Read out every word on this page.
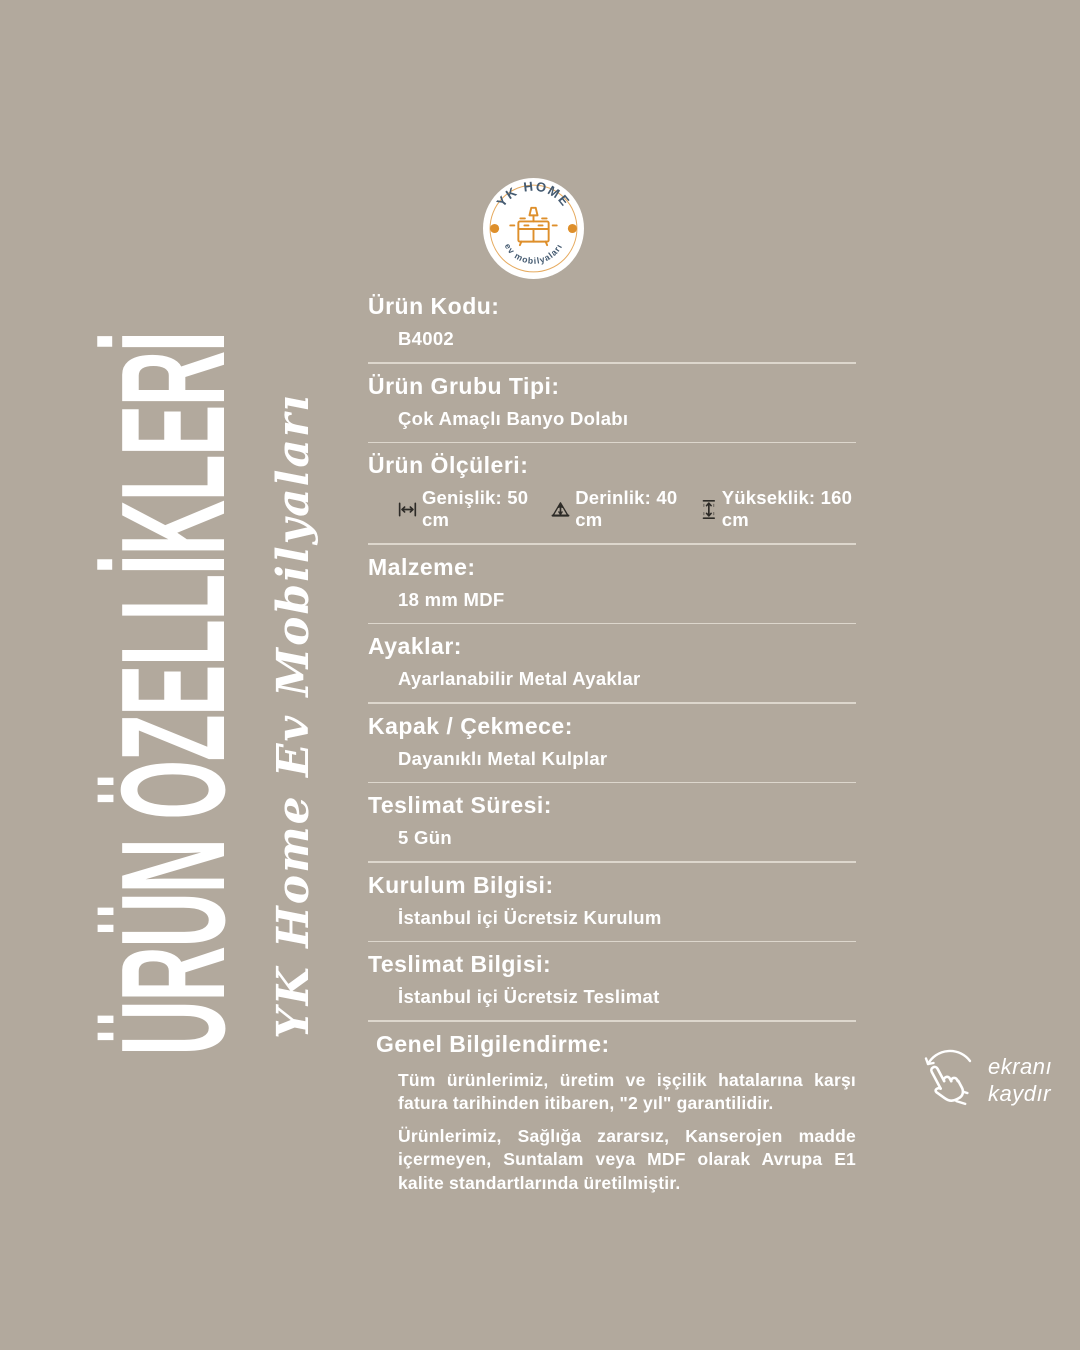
ÜRÜN ÖZELLİKLERİ YK Home Ev Mobilyaları
YK HOME
ev mobilyaları
Ürün Kodu:
B4002
Ürün Grubu Tipi:
Çok Amaçlı Banyo Dolabı
Ürün Ölçüleri:
Genişlik: 50 cm
Derinlik: 40 cm
Yükseklik: 160 cm
Malzeme:
18 mm MDF
Ayaklar:
Ayarlanabilir Metal Ayaklar
Kapak / Çekmece:
Dayanıklı Metal Kulplar
Teslimat Süresi:
5 Gün
Kurulum Bilgisi:
İstanbul içi Ücretsiz Kurulum
Teslimat Bilgisi:
İstanbul içi Ücretsiz Teslimat
Genel Bilgilendirme:

Tüm ürünlerimiz, üretim ve işçilik hatalarına karşı fatura tarihinden itibaren, "2 yıl" garantilidir.

Ürünlerimiz, Sağlığa zararsız, Kanserojen madde içermeyen, Suntalam veya MDF olarak Avrupa E1 kalite standartlarında üretilmiştir.

ekranı
kaydır
